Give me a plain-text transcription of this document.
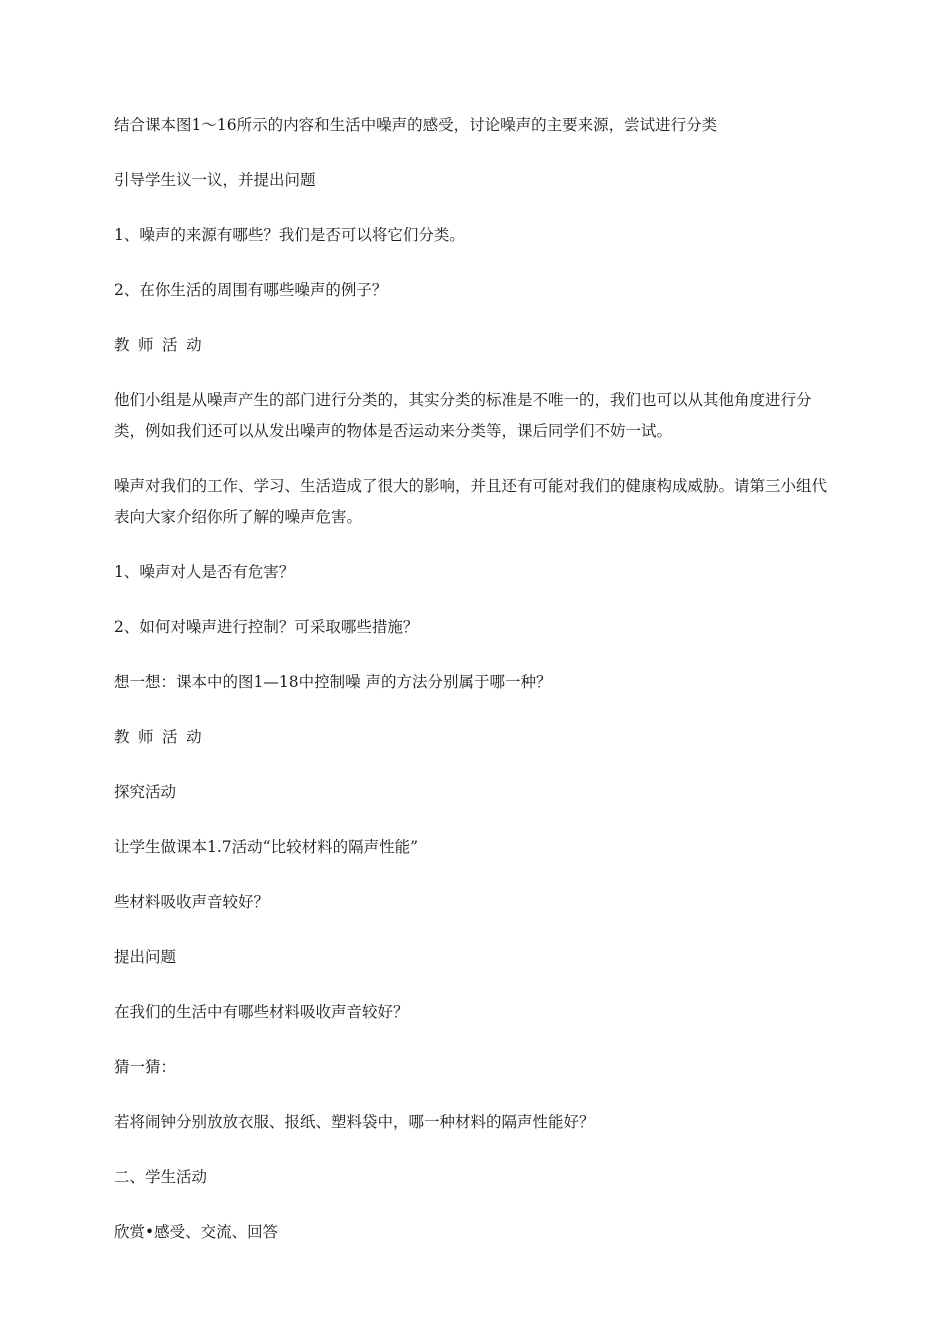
结合课本图1～16所示的内容和生活中噪声的感受，讨论噪声的主要来源，尝试进行分类

引导学生议一议，并提出问题

1、噪声的来源有哪些？我们是否可以将它们分类。

2、在你生活的周围有哪些噪声的例子？

教师活动

他们小组是从噪声产生的部门进行分类的，其实分类的标准是不唯一的，我们也可以从其他角度进行分类，例如我们还可以从发出噪声的物体是否运动来分类等，课后同学们不妨一试。

噪声对我们的工作、学习、生活造成了很大的影响，并且还有可能对我们的健康构成威胁。请第三小组代表向大家介绍你所了解的噪声危害。

1、噪声对人是否有危害？

2、如何对噪声进行控制？可采取哪些措施？

想一想：课本中的图1—18中控制噪 声的方法分别属于哪一种？

教师活动

探究活动

让学生做课本1.7活动“比较材料的隔声性能”

些材料吸收声音较好？

提出问题

在我们的生活中有哪些材料吸收声音较好？

猜一猜：

若将闹钟分别放放衣服、报纸、塑料袋中，哪一种材料的隔声性能好？

二、学生活动

欣赏•感受、交流、回答
